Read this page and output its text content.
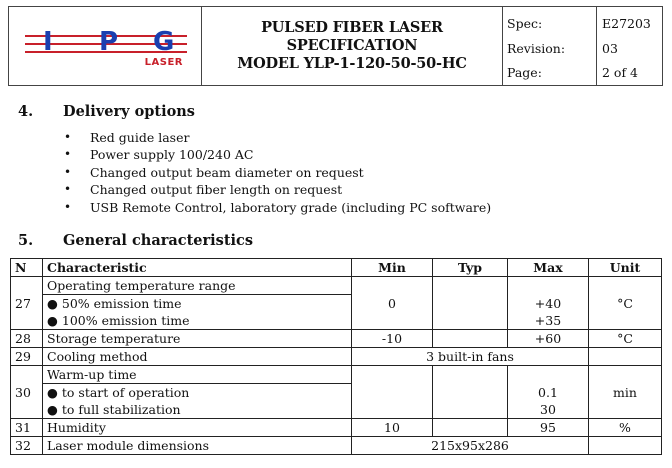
I P G
LASER
PULSED FIBER LASER
SPECIFICATION
MODEL YLP-1-120-50-50-HC
Spec:	E27203
Revision:	03
Page:	2 of 4
4. Delivery options
• Red guide laser
• Power supply 100/240 AC
• Changed output beam diameter on request
• Changed output fiber length on request
• USB Remote Control, laboratory grade (including PC software)
5. General characteristics
N	Characteristic	Min	Typ	Max	Unit
27	Operating temperature range	0			°C
	● 50% emission time			+40	
	● 100% emission time			+35	
28	Storage temperature	-10		+60	°C
29	Cooling method	3 built-in fans			
30	Warm-up time				min
	● to start of operation			0.1	
	● to full stabilization			30	
31	Humidity	10		95	%
32	Laser module dimensions	215x95x286			
